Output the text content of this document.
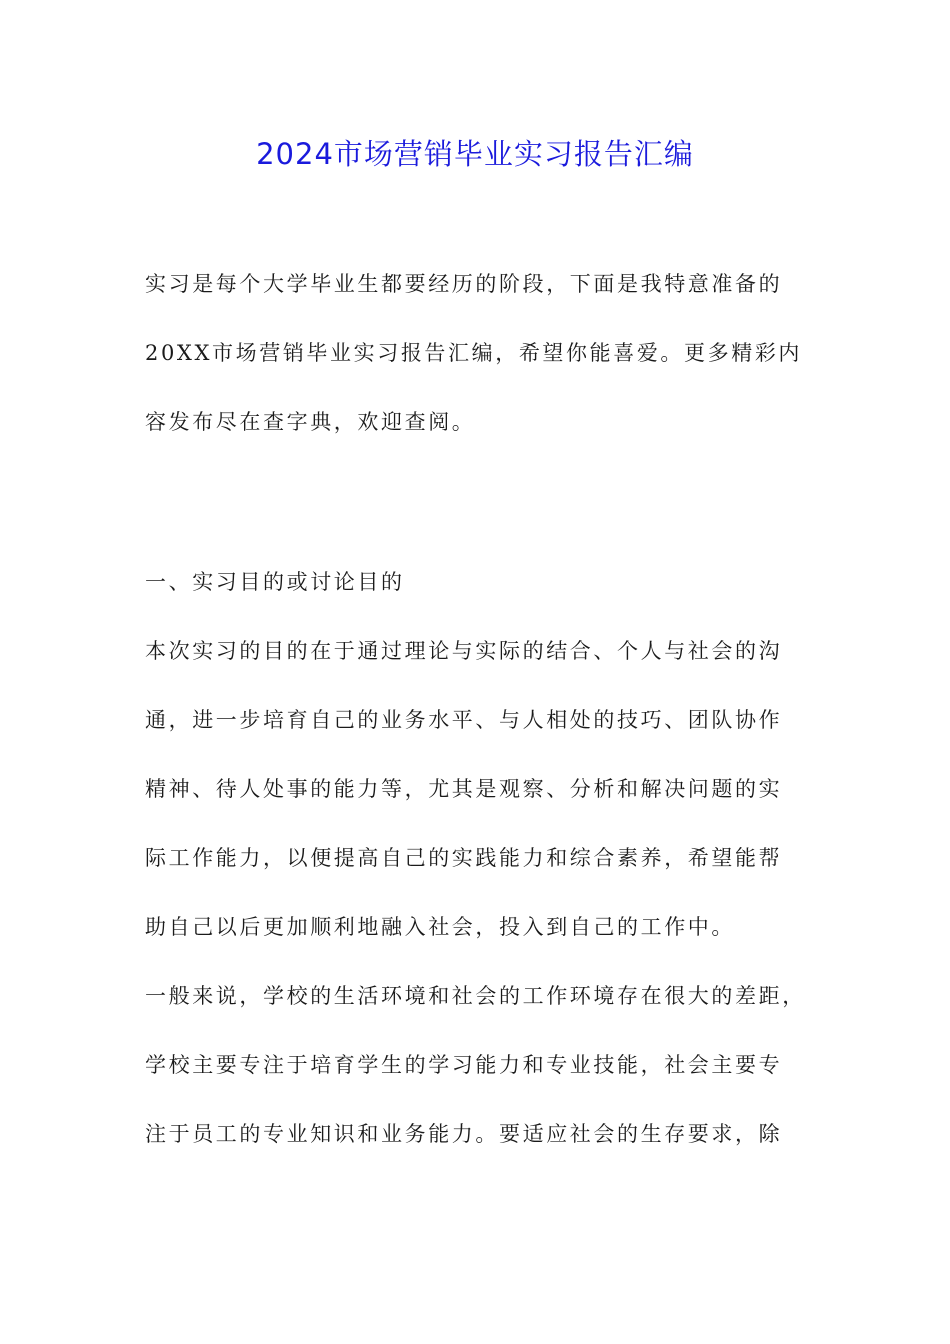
2024市场营销毕业实习报告汇编

实习是每个大学毕业生都要经历的阶段，下面是我特意准备的
20XX市场营销毕业实习报告汇编，希望你能喜爱。更多精彩内
容发布尽在查字典，欢迎查阅。

一、实习目的或讨论目的

本次实习的目的在于通过理论与实际的结合、个人与社会的沟
通，进一步培育自己的业务水平、与人相处的技巧、团队协作
精神、待人处事的能力等，尤其是观察、分析和解决问题的实
际工作能力，以便提高自己的实践能力和综合素养，希望能帮
助自己以后更加顺利地融入社会，投入到自己的工作中。

一般来说，学校的生活环境和社会的工作环境存在很大的差距，
学校主要专注于培育学生的学习能力和专业技能，社会主要专
注于员工的专业知识和业务能力。要适应社会的生存要求，除
